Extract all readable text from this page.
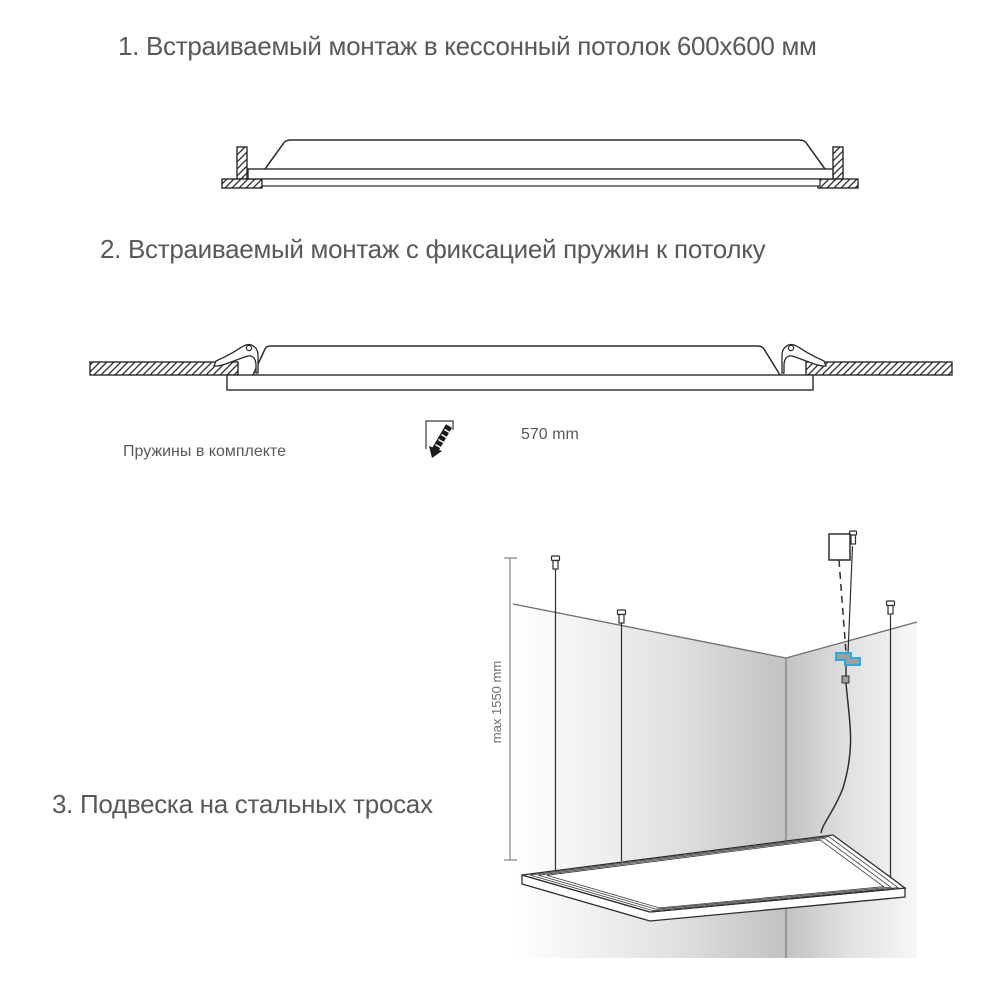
1. Встраиваемый монтаж в кессонный потолок 600x600 мм
2. Встраиваемый монтаж с фиксацией пружин к потолку
3. Подвеска на стальных тросах
Пружины в комплекте
570 mm
max 1550 mm
